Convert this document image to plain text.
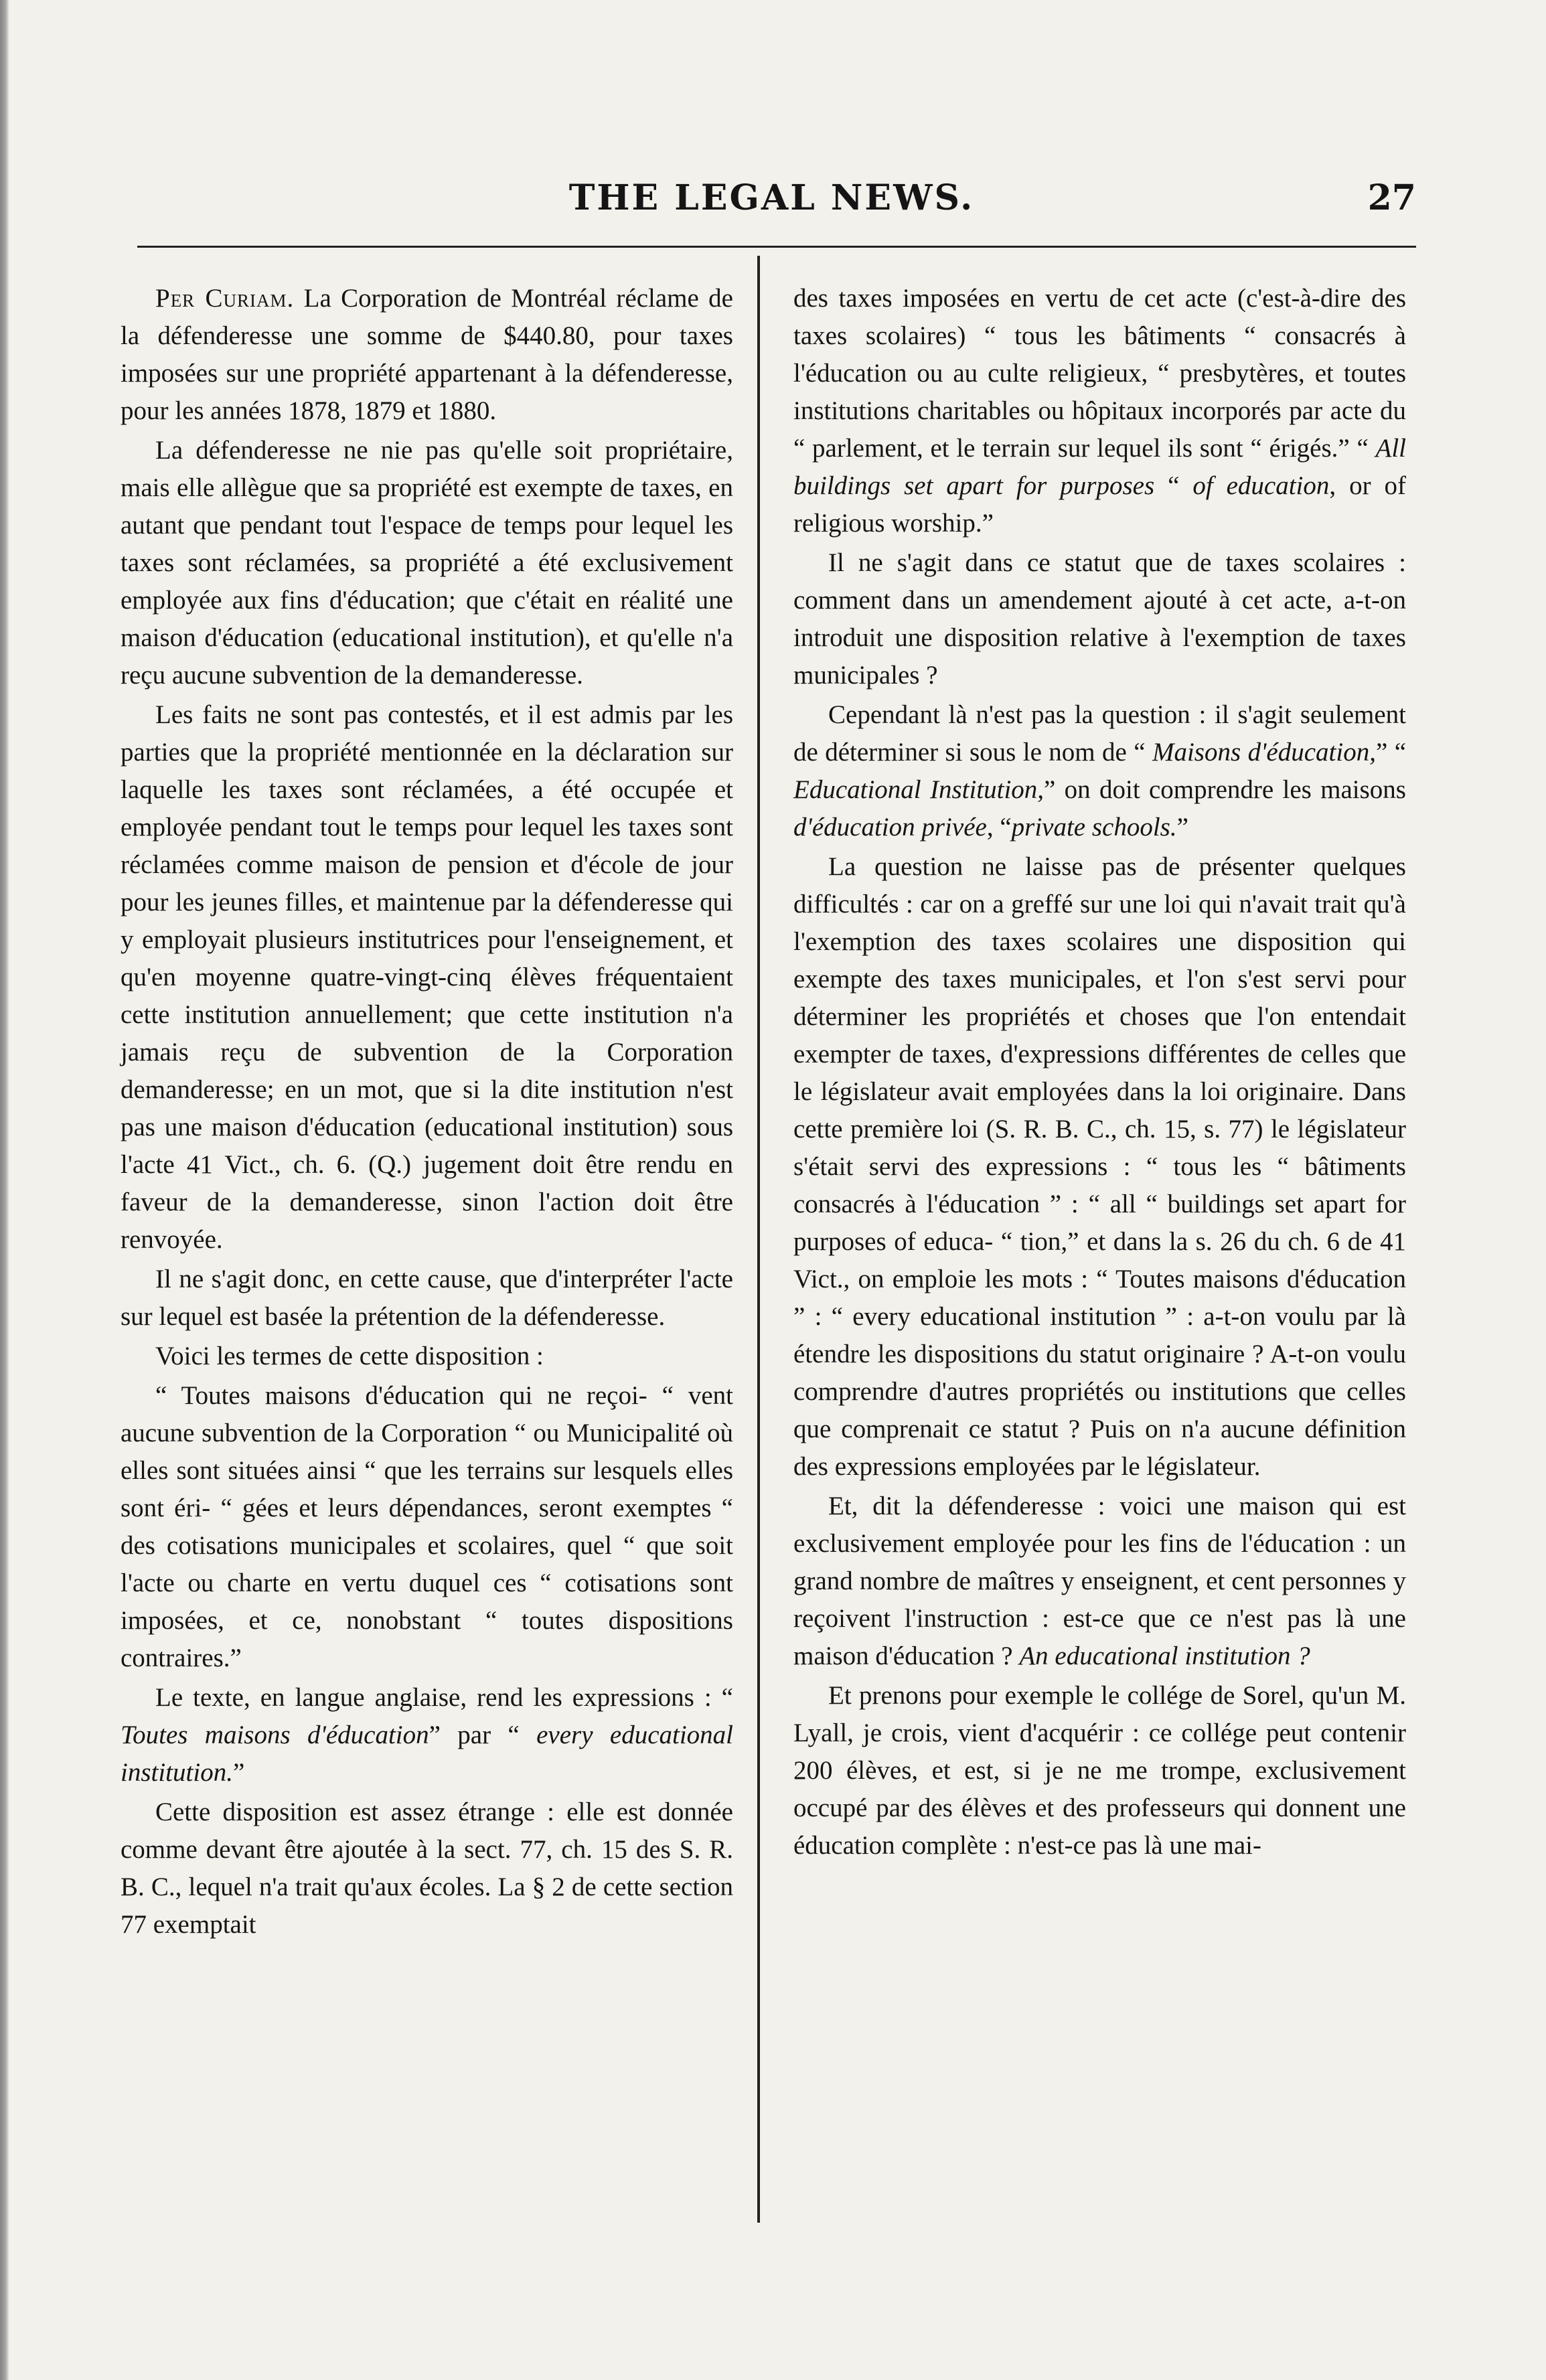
THE LEGAL NEWS.	27

Per Curiam. La Corporation de Montréal réclame de la défenderesse une somme de $440.80, pour taxes imposées sur une propriété appartenant à la défenderesse, pour les années 1878, 1879 et 1880.

La défenderesse ne nie pas qu'elle soit propriétaire, mais elle allègue que sa propriété est exempte de taxes, en autant que pendant tout l'espace de temps pour lequel les taxes sont réclamées, sa propriété a été exclusivement employée aux fins d'éducation; que c'était en réalité une maison d'éducation (educational institution), et qu'elle n'a reçu aucune subvention de la demanderesse.

Les faits ne sont pas contestés, et il est admis par les parties que la propriété mentionnée en la déclaration sur laquelle les taxes sont réclamées, a été occupée et employée pendant tout le temps pour lequel les taxes sont réclamées comme maison de pension et d'école de jour pour les jeunes filles, et maintenue par la défenderesse qui y employait plusieurs institutrices pour l'enseignement, et qu'en moyenne quatre-vingt-cinq élèves fréquentaient cette institution annuellement; que cette institution n'a jamais reçu de subvention de la Corporation demanderesse; en un mot, que si la dite institution n'est pas une maison d'éducation (educational institution) sous l'acte 41 Vict., ch. 6. (Q.) jugement doit être rendu en faveur de la demanderesse, sinon l'action doit être renvoyée.

Il ne s'agit donc, en cette cause, que d'interpréter l'acte sur lequel est basée la prétention de la défenderesse.

Voici les termes de cette disposition :

“ Toutes maisons d'éducation qui ne reçoi- “ vent aucune subvention de la Corporation “ ou Municipalité où elles sont situées ainsi “ que les terrains sur lesquels elles sont éri- “ gées et leurs dépendances, seront exemptes “ des cotisations municipales et scolaires, quel “ que soit l'acte ou charte en vertu duquel ces “ cotisations sont imposées, et ce, nonobstant “ toutes dispositions contraires.”

Le texte, en langue anglaise, rend les expressions : “ Toutes maisons d'éducation” par “ every educational institution.”

Cette disposition est assez étrange : elle est donnée comme devant être ajoutée à la sect. 77, ch. 15 des S. R. B. C., lequel n'a trait qu'aux écoles. La § 2 de cette section 77 exemptait

des taxes imposées en vertu de cet acte (c'est-à-dire des taxes scolaires) “ tous les bâtiments “ consacrés à l'éducation ou au culte religieux, “ presbytères, et toutes institutions charitables ou hôpitaux incorporés par acte du “ parlement, et le terrain sur lequel ils sont “ érigés.” “ All buildings set apart for purposes “ of education, or of religious worship.”

Il ne s'agit dans ce statut que de taxes scolaires : comment dans un amendement ajouté à cet acte, a-t-on introduit une disposition relative à l'exemption de taxes municipales ?

Cependant là n'est pas la question : il s'agit seulement de déterminer si sous le nom de “ Maisons d'éducation,” “ Educational Institution,” on doit comprendre les maisons d'éducation privée, “private schools.”

La question ne laisse pas de présenter quelques difficultés : car on a greffé sur une loi qui n'avait trait qu'à l'exemption des taxes scolaires une disposition qui exempte des taxes municipales, et l'on s'est servi pour déterminer les propriétés et choses que l'on entendait exempter de taxes, d'expressions différentes de celles que le législateur avait employées dans la loi originaire. Dans cette première loi (S. R. B. C., ch. 15, s. 77) le législateur s'était servi des expressions : “ tous les “ bâtiments consacrés à l'éducation ” : “ all “ buildings set apart for purposes of educa- “ tion,” et dans la s. 26 du ch. 6 de 41 Vict., on emploie les mots : “ Toutes maisons d'éducation ” : “ every educational institution ” : a-t-on voulu par là étendre les dispositions du statut originaire ? A-t-on voulu comprendre d'autres propriétés ou institutions que celles que comprenait ce statut ? Puis on n'a aucune définition des expressions employées par le législateur.

Et, dit la défenderesse : voici une maison qui est exclusivement employée pour les fins de l'éducation : un grand nombre de maîtres y enseignent, et cent personnes y reçoivent l'instruction : est-ce que ce n'est pas là une maison d'éducation ? An educational institution ?

Et prenons pour exemple le collége de Sorel, qu'un M. Lyall, je crois, vient d'acquérir : ce collége peut contenir 200 élèves, et est, si je ne me trompe, exclusivement occupé par des élèves et des professeurs qui donnent une éducation complète : n'est-ce pas là une mai-
